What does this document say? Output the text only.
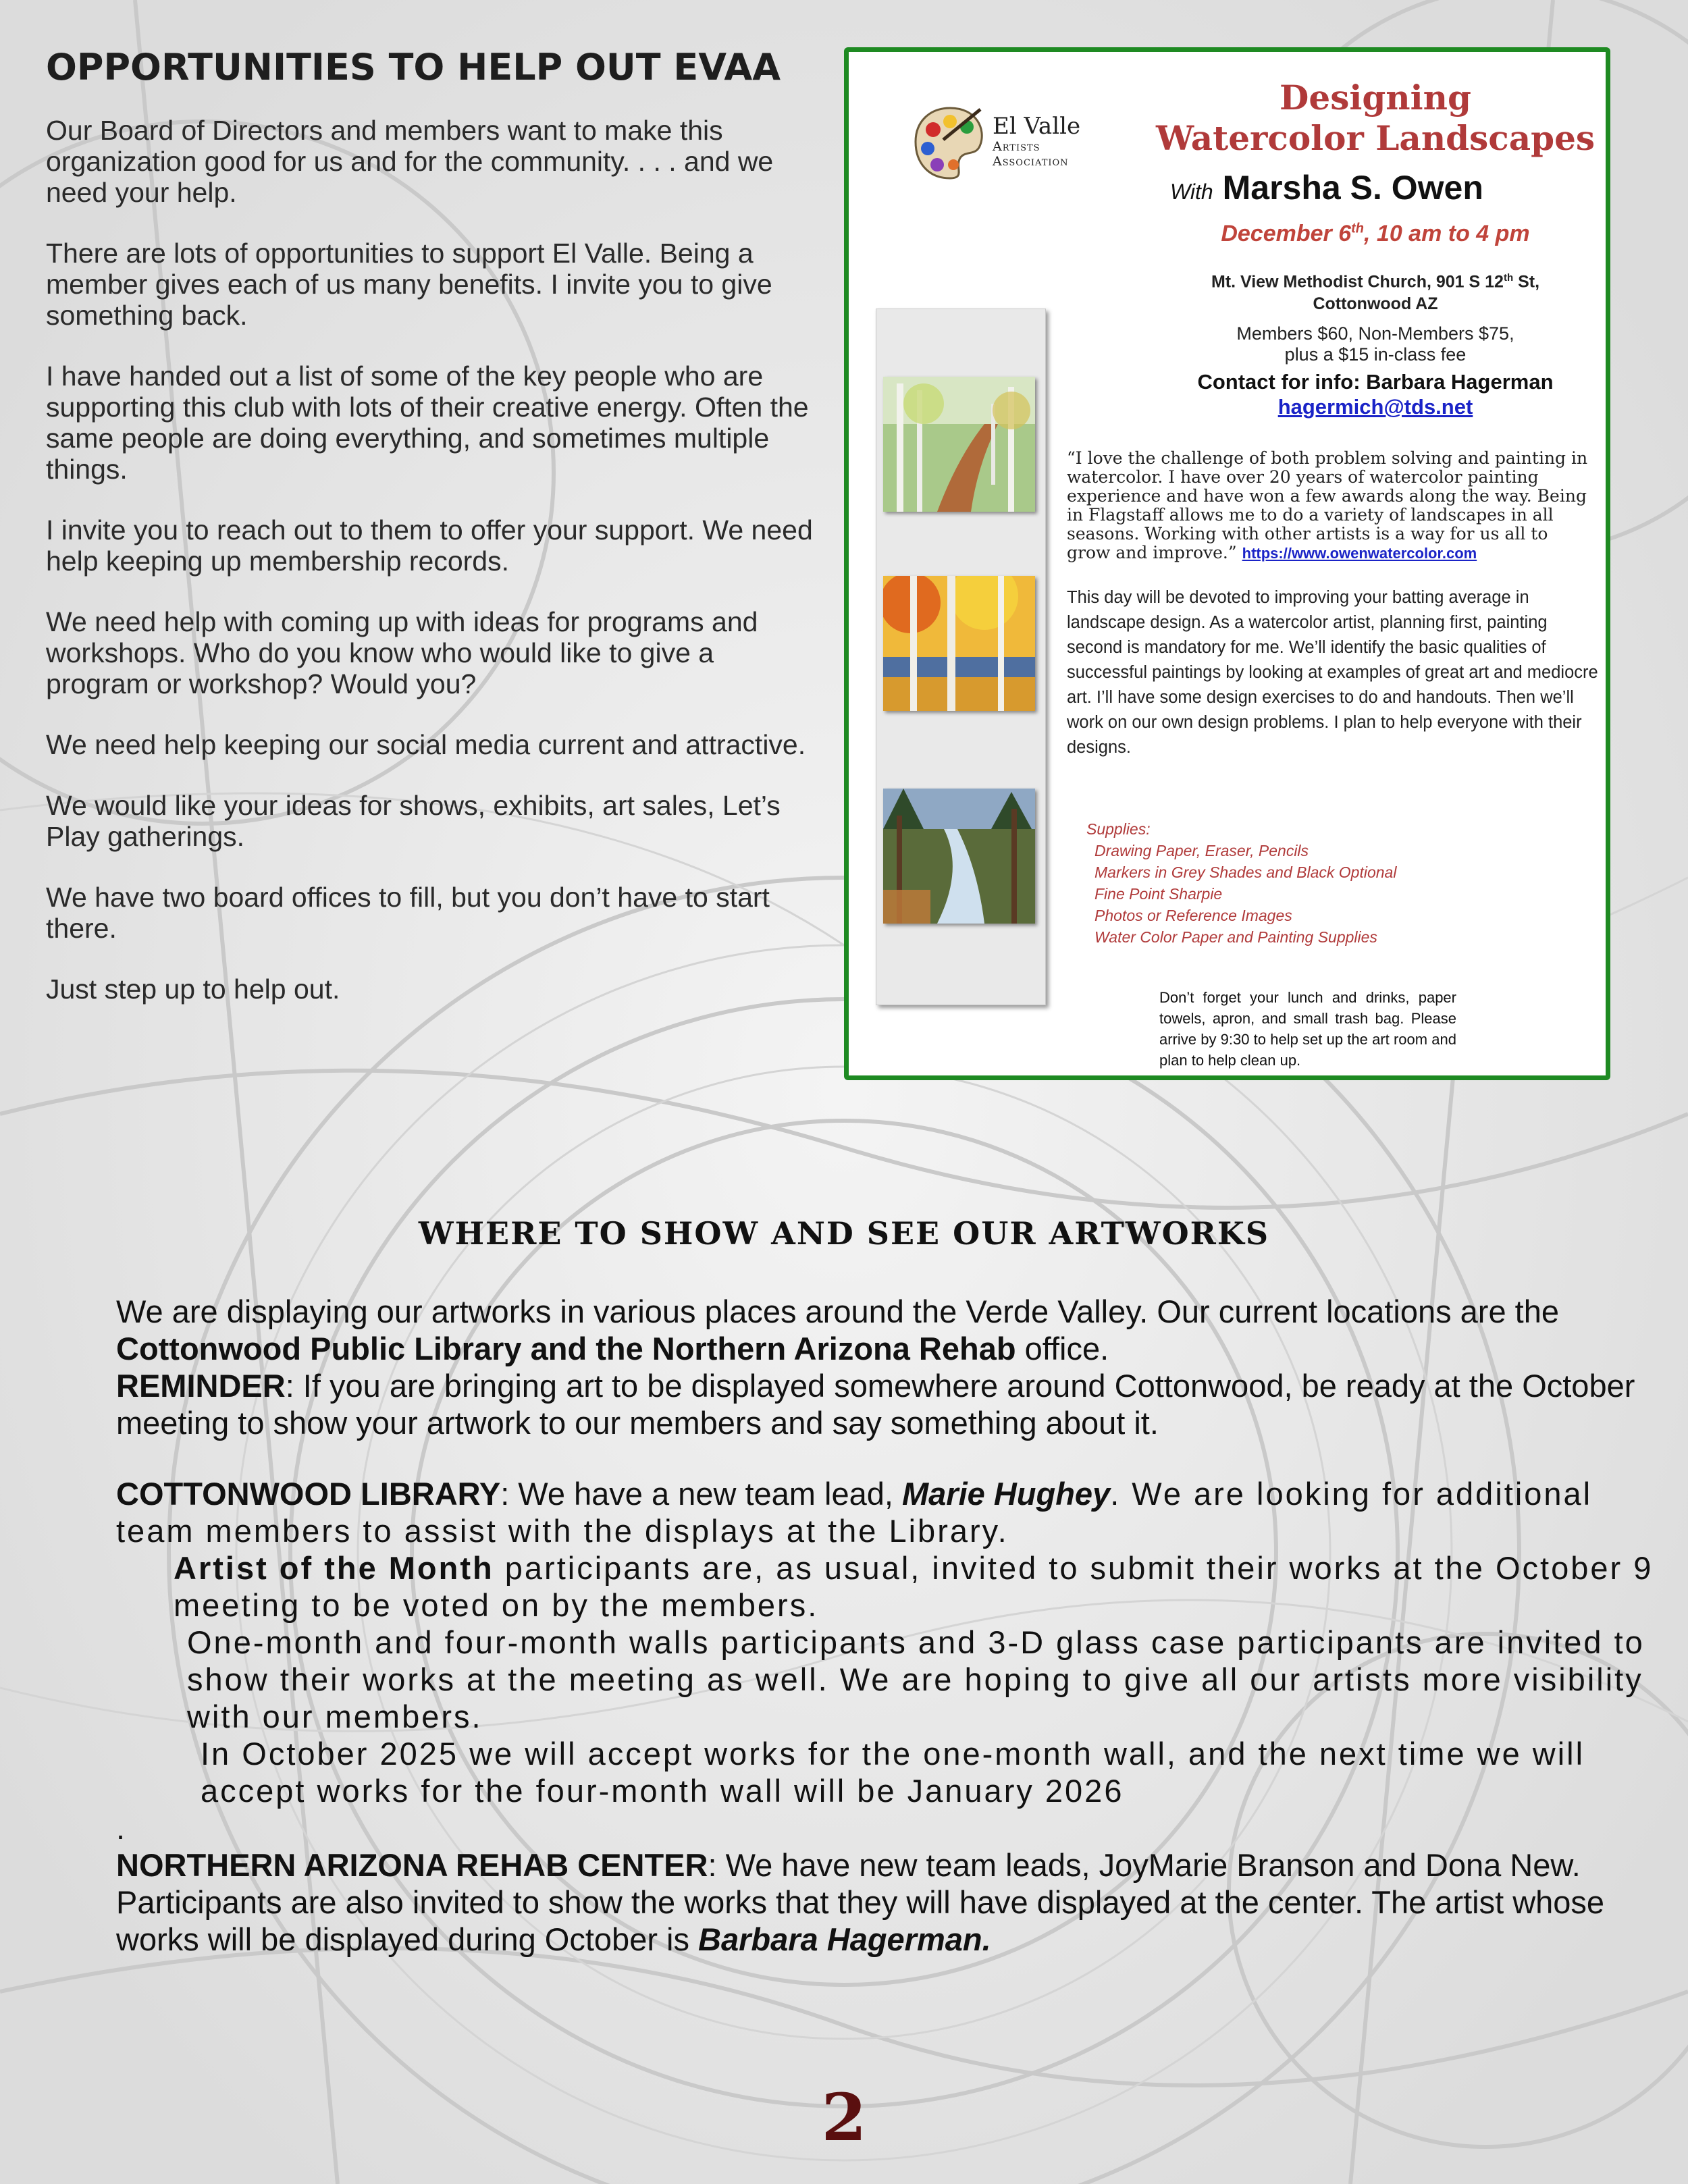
OPPORTUNITIES TO HELP OUT EVAA

Our Board of Directors and members want to make this organization good for us and for the community. . . . and we need your help.

There are lots of opportunities to support El Valle. Being a member gives each of us many benefits. I invite you to give something back.

I have handed out a list of some of the key people who are supporting this club with lots of their creative energy. Often the same people are doing everything, and sometimes multiple things.

I invite you to reach out to them to offer your support. We need help keeping up membership records.

We need help with coming up with ideas for programs and workshops. Who do you know who would like to give a program or workshop? Would you?

We need help keeping our social media current and attractive.

We would like your ideas for shows, exhibits, art sales, Let’s Play gatherings.

We have two board offices to fill, but you don’t have to start there.

Just step up to help out.

El Valle
Artists
Association
Designing
Watercolor Landscapes
With Marsha S. Owen
December 6th, 10 am to 4 pm
Mt. View Methodist Church, 901 S 12th St,
Cottonwood AZ
Members $60, Non-Members $75,
plus a $15 in-class fee
Contact for info: Barbara Hagerman
hagermich@tds.net
“I love the challenge of both problem solving and painting in watercolor. I have over 20 years of watercolor painting experience and have won a few awards along the way. Being in Flagstaff allows me to do a variety of landscapes in all seasons. Working with other artists is a way for us all to grow and improve.” https://www.owenwatercolor.com
This day will be devoted to improving your batting average in landscape design. As a watercolor artist, planning first, painting second is mandatory for me. We’ll identify the basic qualities of successful paintings by looking at examples of great art and mediocre art. I’ll have some design exercises to do and handouts. Then we’ll work on our own design problems. I plan to help everyone with their designs.
Supplies:
Drawing Paper, Eraser, Pencils
Markers in Grey Shades and Black Optional
Fine Point Sharpie
Photos or Reference Images
Water Color Paper and Painting Supplies
Don’t forget your lunch and drinks, paper towels, apron, and small trash bag. Please arrive by 9:30 to help set up the art room and plan to help clean up.
WHERE TO SHOW AND SEE OUR ARTWORKS

We are displaying our artworks in various places around the Verde Valley. Our current locations are the Cottonwood Public Library and the Northern Arizona Rehab office.

REMINDER: If you are bringing art to be displayed somewhere around Cottonwood, be ready at the October meeting to show your artwork to our members and say something about it.

COTTONWOOD LIBRARY: We have a new team lead, Marie Hughey. We are looking for additional team members to assist with the displays at the Library.

Artist of the Month participants are, as usual, invited to submit their works at the October 9 meeting to be voted on by the members.

One-month and four-month walls participants and 3-D glass case participants are invited to show their works at the meeting as well. We are hoping to give all our artists more visibility with our members.

In October 2025 we will accept works for the one-month wall, and the next time we will accept works for the four-month wall will be January 2026

.

NORTHERN ARIZONA REHAB CENTER: We have new team leads, JoyMarie Branson and Dona New. Participants are also invited to show the works that they will have displayed at the center. The artist whose works will be displayed during October is Barbara Hagerman.

2
